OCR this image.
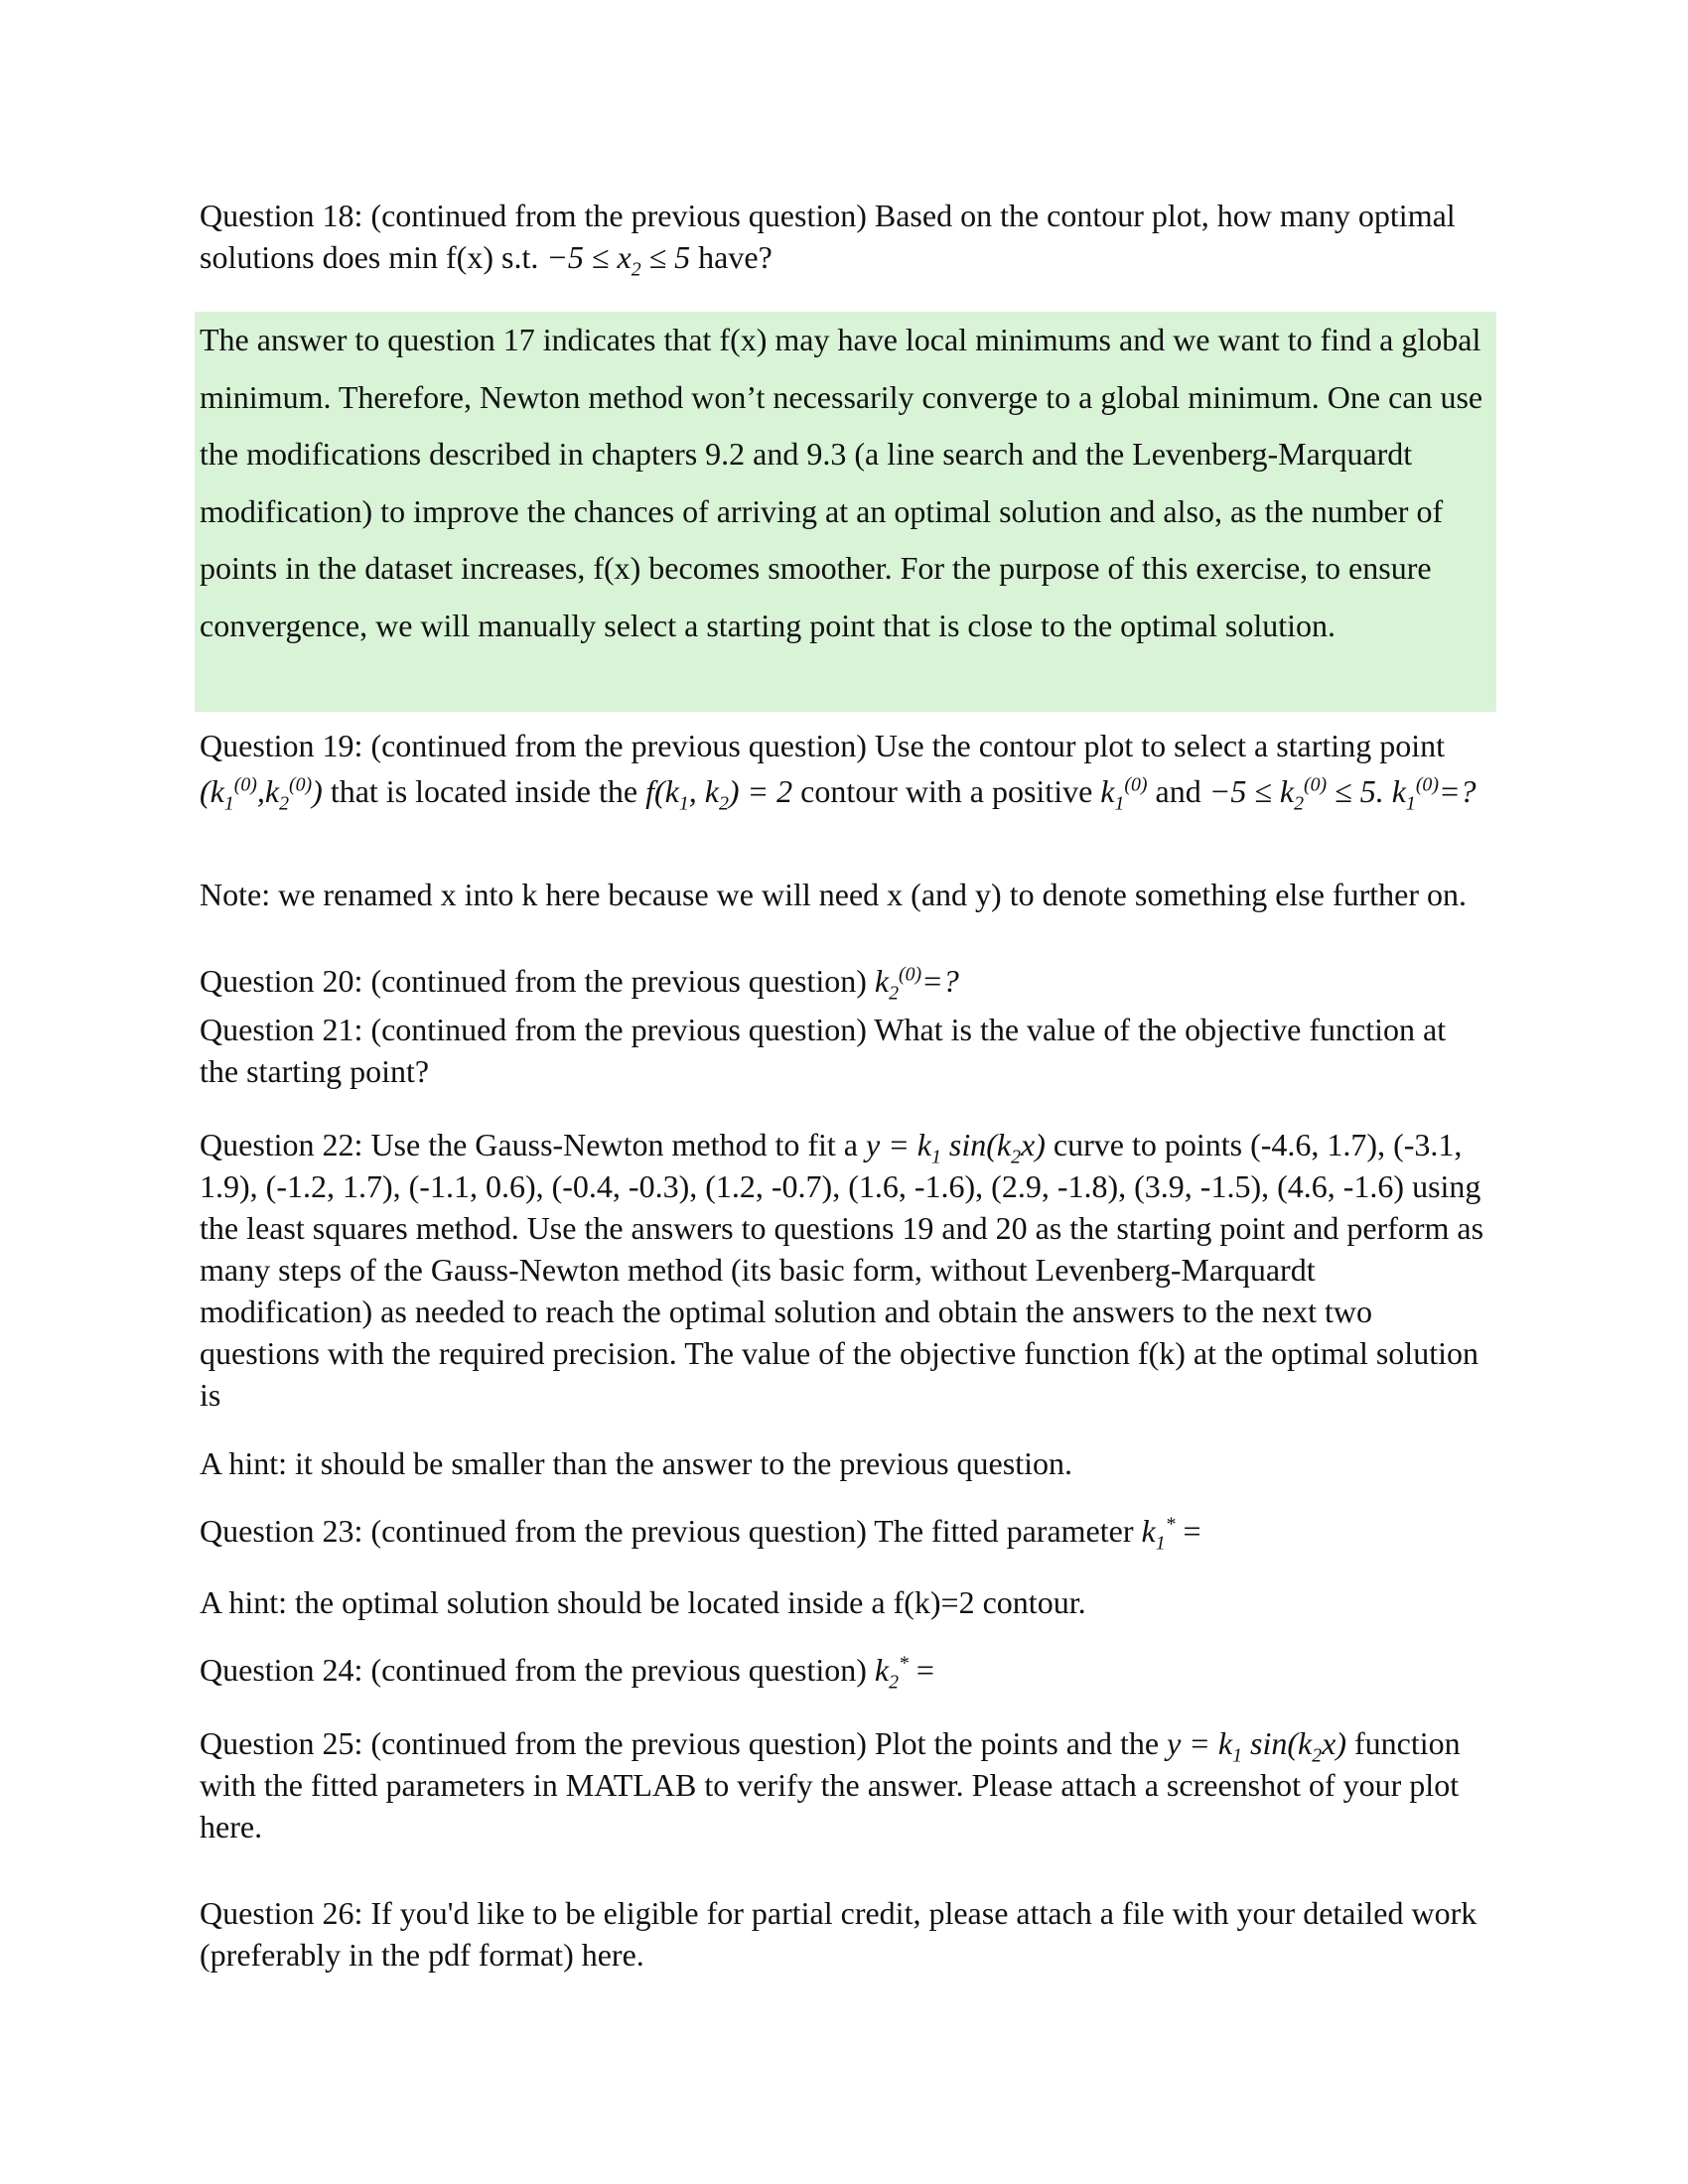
Question 18: (continued from the previous question) Based on the contour plot, how many optimal solutions does min f(x) s.t. $-5 \le x_2 \le 5$ have?
The answer to question 17 indicates that f(x) may have local minimums and we want to find a global minimum. Therefore, Newton method won’t necessarily converge to a global minimum. One can use the modifications described in chapters 9.2 and 9.3 (a line search and the Levenberg-Marquardt modification) to improve the chances of arriving at an optimal solution and also, as the number of points in the dataset increases, f(x) becomes smoother. For the purpose of this exercise, to ensure convergence, we will manually select a starting point that is close to the optimal solution.
Question 19: (continued from the previous question) Use the contour plot to select a starting point $(k_1^{(0)},k_2^{(0)})$ that is located inside the $f(k_1$, $k_2) = 2$ contour with a positive $k_1^{(0)}$ and $-5 \le k_2^{(0)} \le 5$. $k_1^{(0)}=$?
Note: we renamed x into k here because we will need x (and y) to denote something else further on.
Question 20: (continued from the previous question) $k_2^{(0)}=$?
Question 21: (continued from the previous question) What is the value of the objective function at the starting point?
Question 22: Use the Gauss-Newton method to fit a $y = k_1$ $\sin(k_2x)$ curve to points (-4.6, 1.7), (-3.1, 1.9), (-1.2, 1.7), (-1.1, 0.6), (-0.4, -0.3), (1.2, -0.7), (1.6, -1.6), (2.9, -1.8), (3.9, -1.5), (4.6, -1.6) using the least squares method. Use the answers to questions 19 and 20 as the starting point and perform as many steps of the Gauss-Newton method (its basic form, without Levenberg-Marquardt modification) as needed to reach the optimal solution and obtain the answers to the next two questions with the required precision. The value of the objective function f(k) at the optimal solution is
A hint: it should be smaller than the answer to the previous question.
Question 23: (continued from the previous question) The fitted parameter $k_1^*$ =
A hint: the optimal solution should be located inside a f(k)=2 contour.
Question 24: (continued from the previous question) $k_2^*$ =
Question 25: (continued from the previous question) Plot the points and the $y = k_1$ $\sin(k_2x)$ function with the fitted parameters in MATLAB to verify the answer. Please attach a screenshot of your plot here.
Question 26: If you'd like to be eligible for partial credit, please attach a file with your detailed work (preferably in the pdf format) here.
